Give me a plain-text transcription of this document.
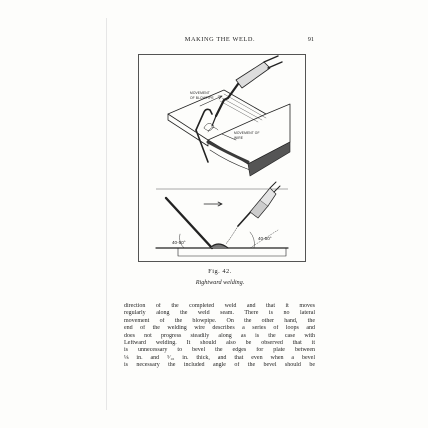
MAKING THE WELD.	91
MOVEMENT
OF BLOWPIPE
MOVEMENT OF
WIRE
40-50°
40-50°
Fig. 42.
Rightward welding.
direction of the completed weld and that it moves
regularly along the weld seam. There is no lateral
movement of the blowpipe. On the other hand, the
end of the welding wire describes a series of loops and
does not progress steadily along as is the case with
Leftward welding. It should also be observed that it
is unnecessary to bevel the edges for plate between
⅛ in. and ⁵⁄₁₆ in. thick, and that even when a bevel
is necessary the included angle of the bevel should be
